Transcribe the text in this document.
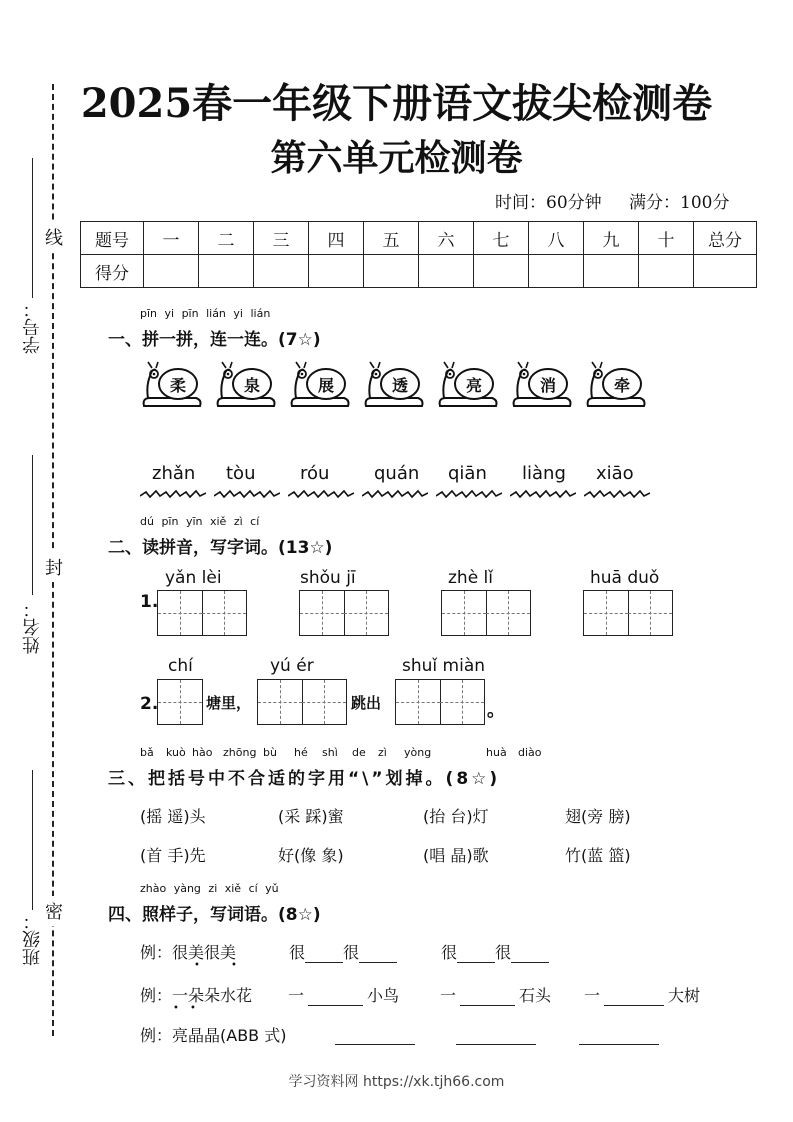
线
封
密
学号：
姓名：
班级：
2025春一年级下册语文拔尖检测卷
第六单元检测卷
时间：60分钟 满分：100分
题号	一	二	三	四	五	六	七	八	九	十	总分
得分											
pīn yi pīn lián yi lián
一、拼一拼，连一连。(7☆)
柔	泉	展	透	亮	消	牵
zhǎn tòu róu quán qiān liàng xiāo
dú pīn yīn xiě zì cí
二、读拼音，写字词。(13☆)
1.
yǎn lèi	shǒu jī	zhè lǐ	huā duǒ
2.
chí	yú ér	shuǐ miàn
塘里，	跳出	。
bǎ kuò hào zhōng bù hé shì de zì yòng	huà diào
三、把括号中不合适的字用“\”划掉。(8☆)
(摇 遥)头	(采 踩)蜜	(抬 台)灯	翅(旁 膀)
(首 手)先	好(像 象)	(唱 晶)歌	竹(蓝 篮)
zhào yàng zi xiě cí yǔ
四、照样子，写词语。(8☆)
例：很美很美	很 很	很 很
•	•
例：一朵朵水花
• •
一	小鸟	一	石头 一	大树
例：亮晶晶(ABB 式)
学习资料网 https://xk.tjh66.com
